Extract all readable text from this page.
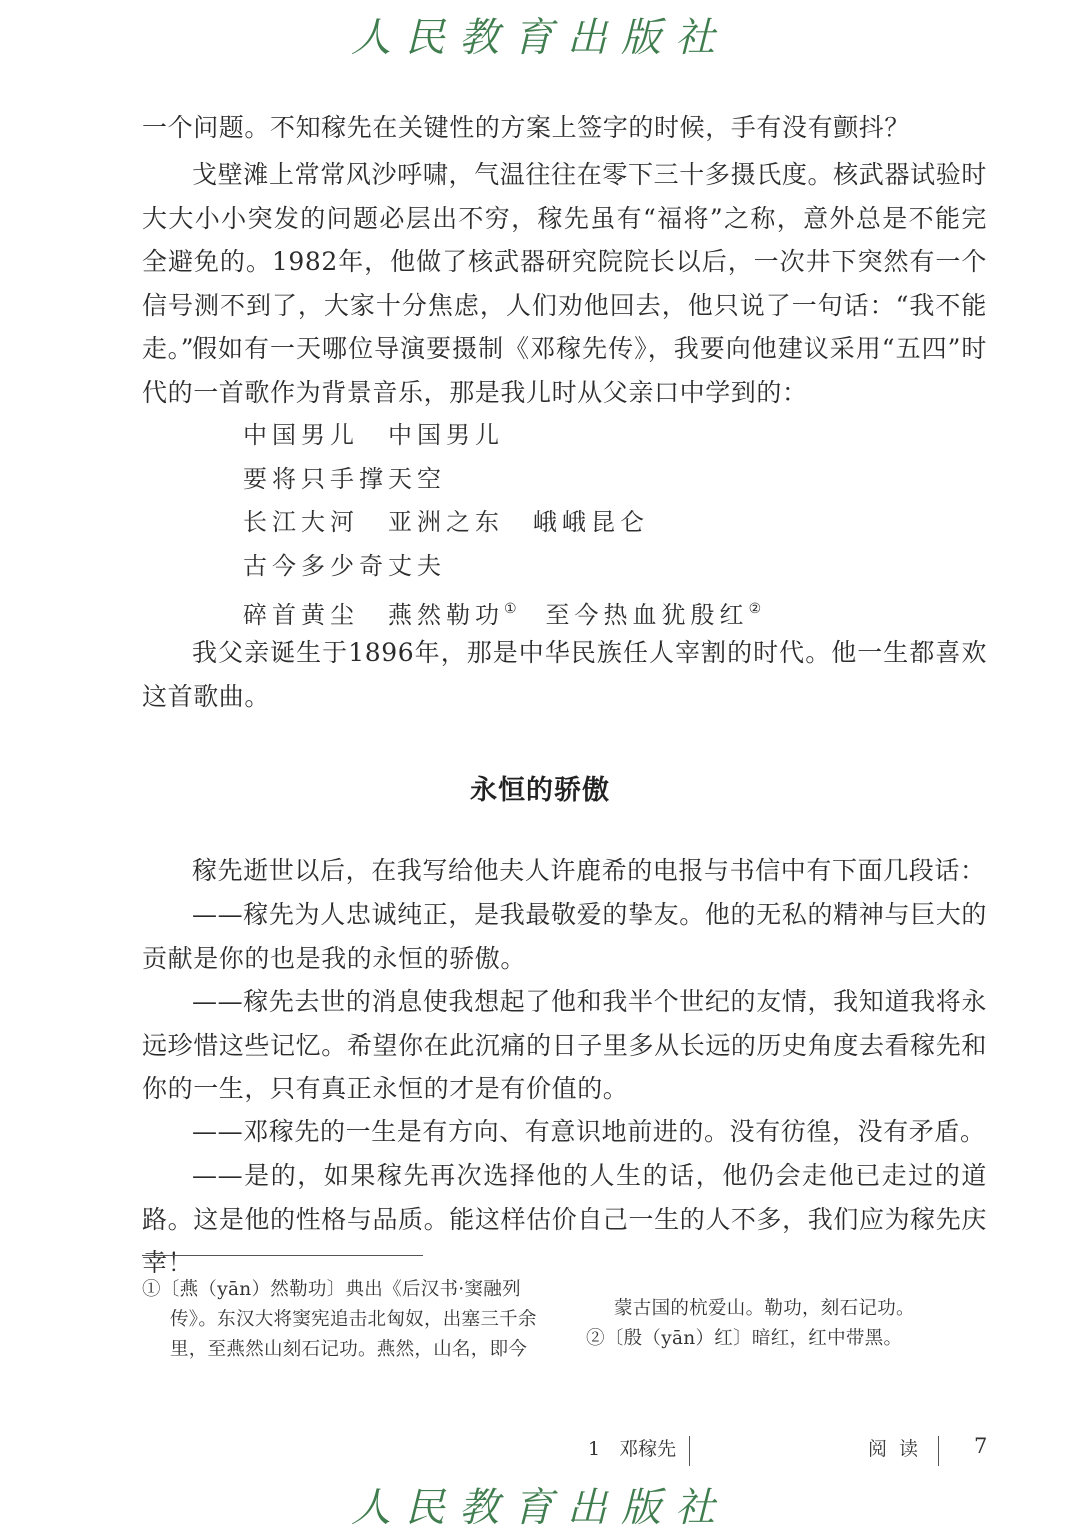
人民教育出版社

一个问题。不知稼先在关键性的方案上签字的时候，手有没有颤抖？

戈壁滩上常常风沙呼啸，气温往往在零下三十多摄氏度。核武器试验时大大小小突发的问题必层出不穷，稼先虽有“福将”之称，意外总是不能完全避免的。1982年，他做了核武器研究院院长以后，一次井下突然有一个信号测不到了，大家十分焦虑，人们劝他回去，他只说了一句话：“我不能走。”

假如有一天哪位导演要摄制《邓稼先传》，我要向他建议采用“五四”时代的一首歌作为背景音乐，那是我儿时从父亲口中学到的：

中国男儿　中国男儿

要将只手撑天空

长江大河　亚洲之东　峨峨昆仑

古今多少奇丈夫

碎首黄尘　燕然勒功①　至今热血犹殷红②

我父亲诞生于1896年，那是中华民族任人宰割的时代。他一生都喜欢这首歌曲。

永恒的骄傲

稼先逝世以后，在我写给他夫人许鹿希的电报与书信中有下面几段话：

——稼先为人忠诚纯正，是我最敬爱的挚友。他的无私的精神与巨大的贡献是你的也是我的永恒的骄傲。

——稼先去世的消息使我想起了他和我半个世纪的友情，我知道我将永远珍惜这些记忆。希望你在此沉痛的日子里多从长远的历史角度去看稼先和你的一生，只有真正永恒的才是有价值的。

——邓稼先的一生是有方向、有意识地前进的。没有彷徨，没有矛盾。

——是的，如果稼先再次选择他的人生的话，他仍会走他已走过的道路。这是他的性格与品质。能这样估价自己一生的人不多，我们应为稼先庆幸！

①〔燕（yān）然勒功〕典出《后汉书·窦融列传》。东汉大将窦宪追击北匈奴，出塞三千余里，至燕然山刻石记功。燕然，山名，即今

蒙古国的杭爱山。勒功，刻石记功。

②〔殷（yān）红〕暗红，红中带黑。

1　邓稼先	阅 读	7
人民教育出版社
